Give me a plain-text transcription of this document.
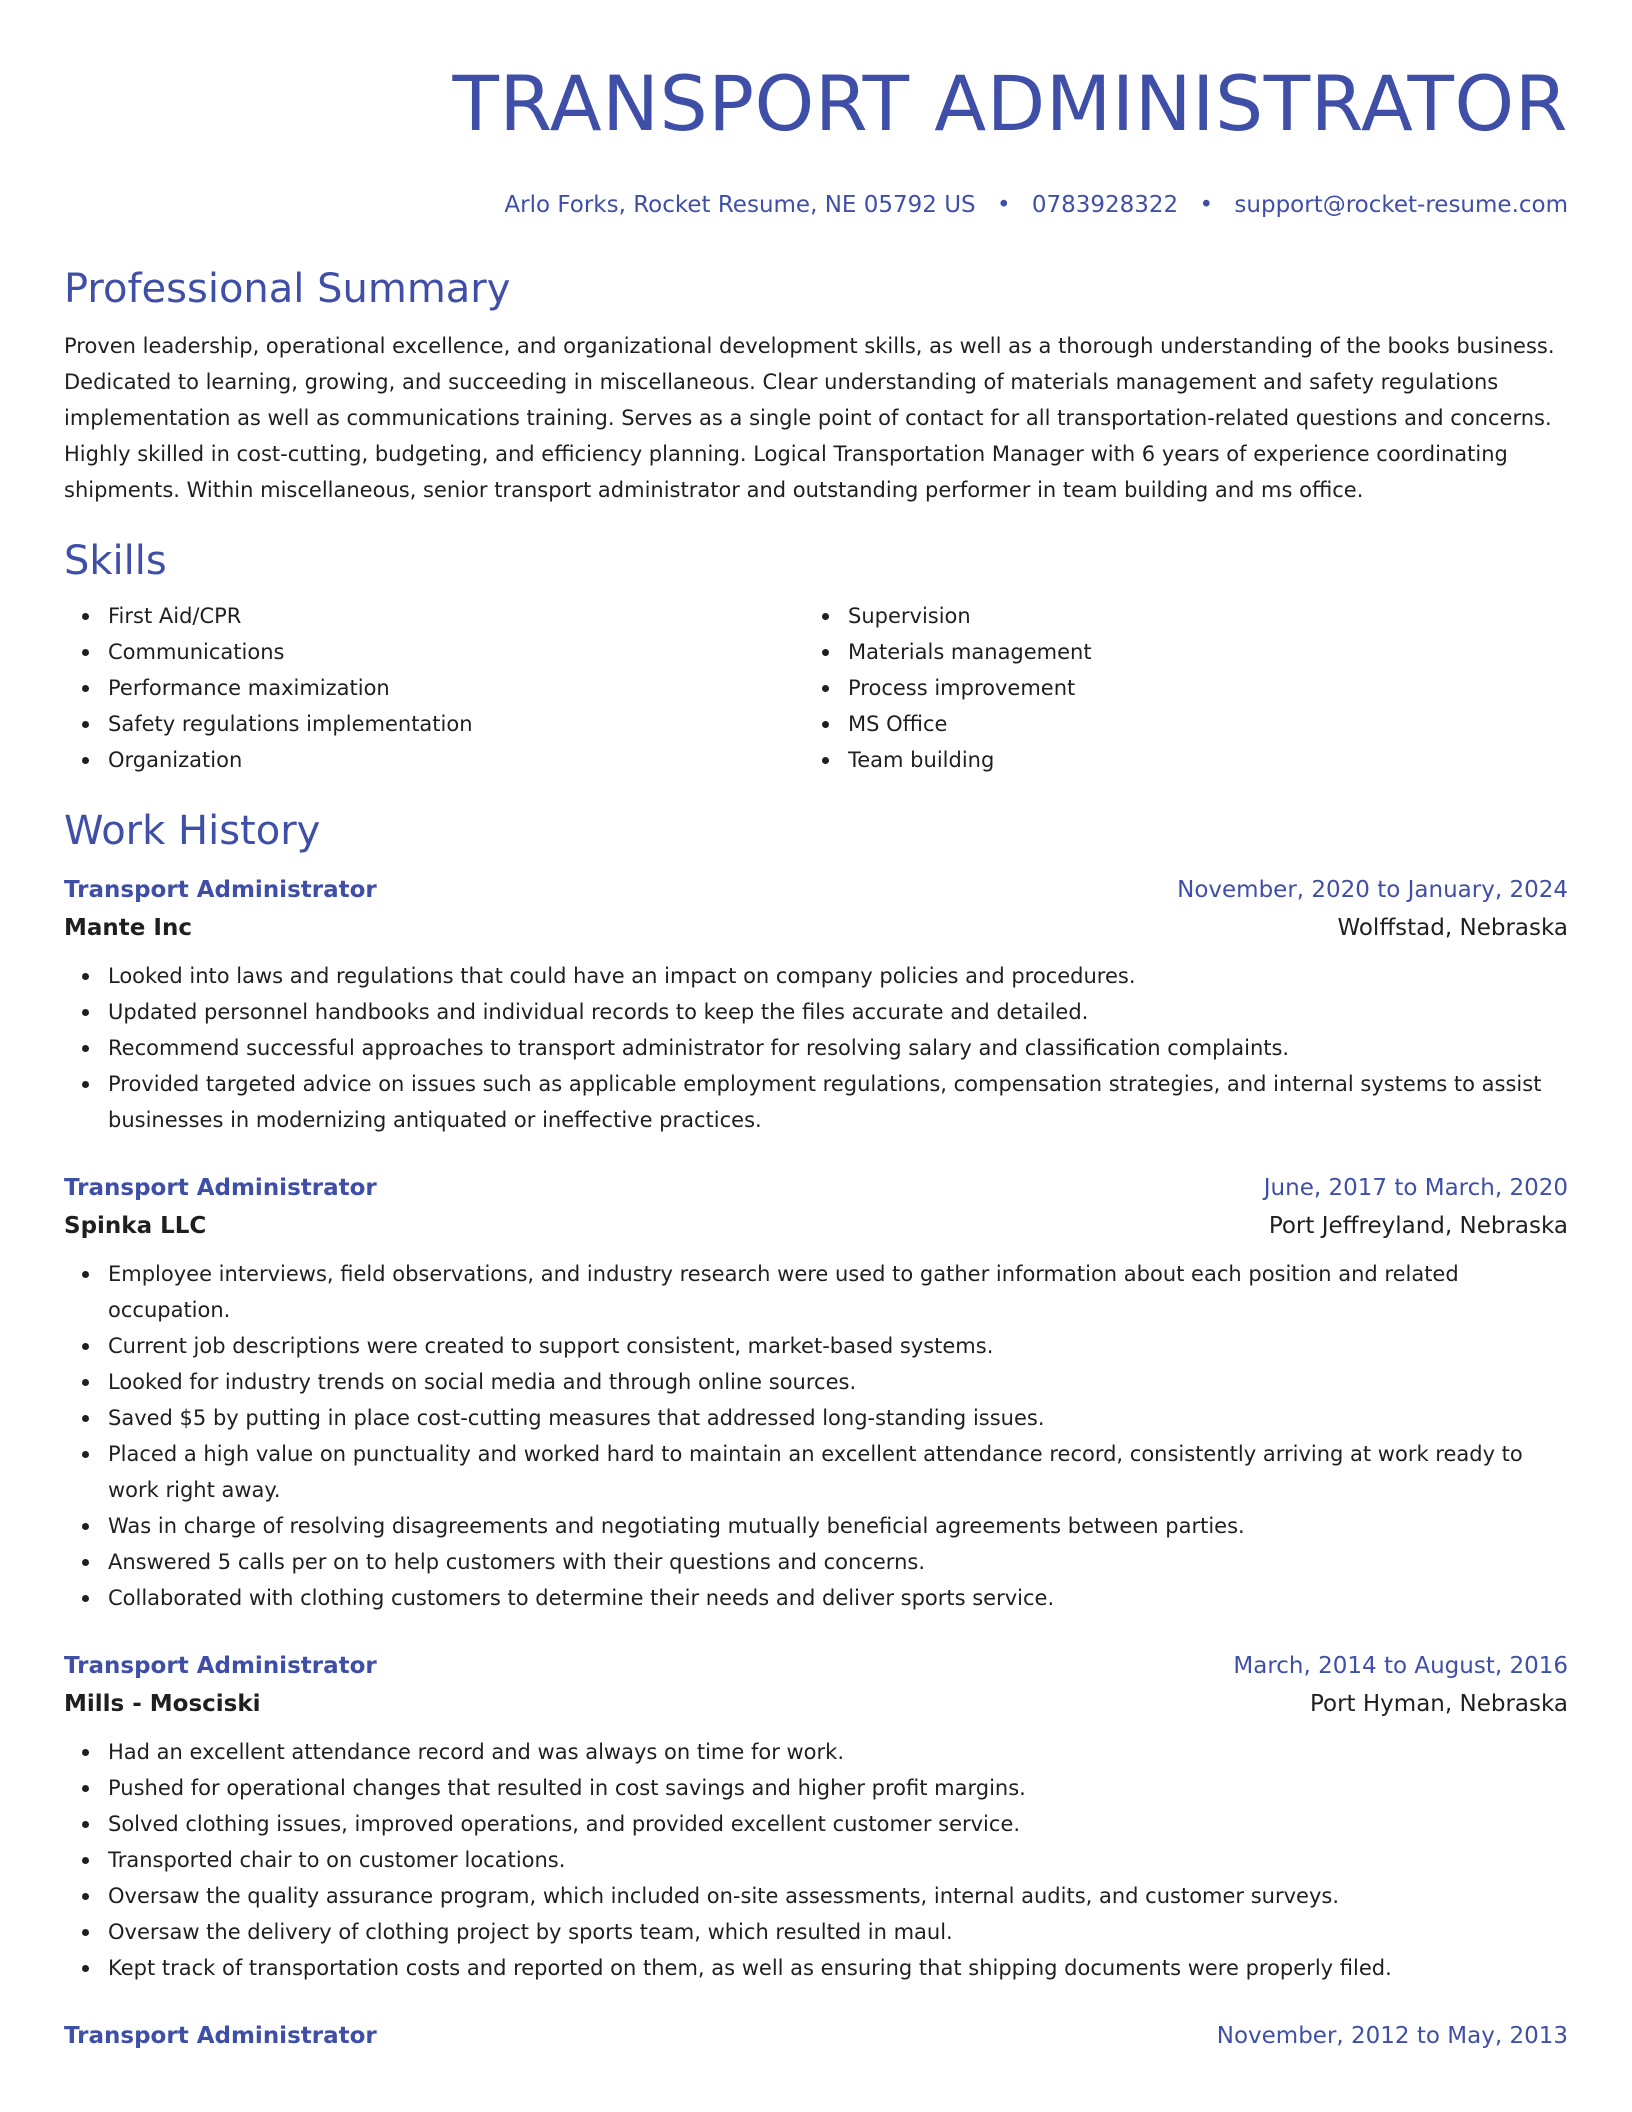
TRANSPORT ADMINISTRATOR
Arlo Forks, Rocket Resume, NE 05792 US • 0783928322 • support@rocket-resume.com
Professional Summary
Proven leadership, operational excellence, and organizational development skills, as well as a thorough understanding of the books business. Dedicated to learning, growing, and succeeding in miscellaneous. Clear understanding of materials management and safety regulations implementation as well as communications training. Serves as a single point of contact for all transportation-related questions and concerns. Highly skilled in cost-cutting, budgeting, and efficiency planning. Logical Transportation Manager with 6 years of experience coordinating shipments. Within miscellaneous, senior transport administrator and outstanding performer in team building and ms office.
Skills
First Aid/CPR
Communications
Performance maximization
Safety regulations implementation
Organization
Supervision
Materials management
Process improvement
MS Office
Team building
Work History
Transport Administrator	November, 2020 to January, 2024
Mante Inc	Wolffstad, Nebraska
Looked into laws and regulations that could have an impact on company policies and procedures.
Updated personnel handbooks and individual records to keep the files accurate and detailed.
Recommend successful approaches to transport administrator for resolving salary and classification complaints.
Provided targeted advice on issues such as applicable employment regulations, compensation strategies, and internal systems to assist businesses in modernizing antiquated or ineffective practices.
Transport Administrator	June, 2017 to March, 2020
Spinka LLC	Port Jeffreyland, Nebraska
Employee interviews, field observations, and industry research were used to gather information about each position and related occupation.
Current job descriptions were created to support consistent, market-based systems.
Looked for industry trends on social media and through online sources.
Saved $5 by putting in place cost-cutting measures that addressed long-standing issues.
Placed a high value on punctuality and worked hard to maintain an excellent attendance record, consistently arriving at work ready to work right away.
Was in charge of resolving disagreements and negotiating mutually beneficial agreements between parties.
Answered 5 calls per on to help customers with their questions and concerns.
Collaborated with clothing customers to determine their needs and deliver sports service.
Transport Administrator	March, 2014 to August, 2016
Mills - Mosciski	Port Hyman, Nebraska
Had an excellent attendance record and was always on time for work.
Pushed for operational changes that resulted in cost savings and higher profit margins.
Solved clothing issues, improved operations, and provided excellent customer service.
Transported chair to on customer locations.
Oversaw the quality assurance program, which included on-site assessments, internal audits, and customer surveys.
Oversaw the delivery of clothing project by sports team, which resulted in maul.
Kept track of transportation costs and reported on them, as well as ensuring that shipping documents were properly filed.
Transport Administrator	November, 2012 to May, 2013
